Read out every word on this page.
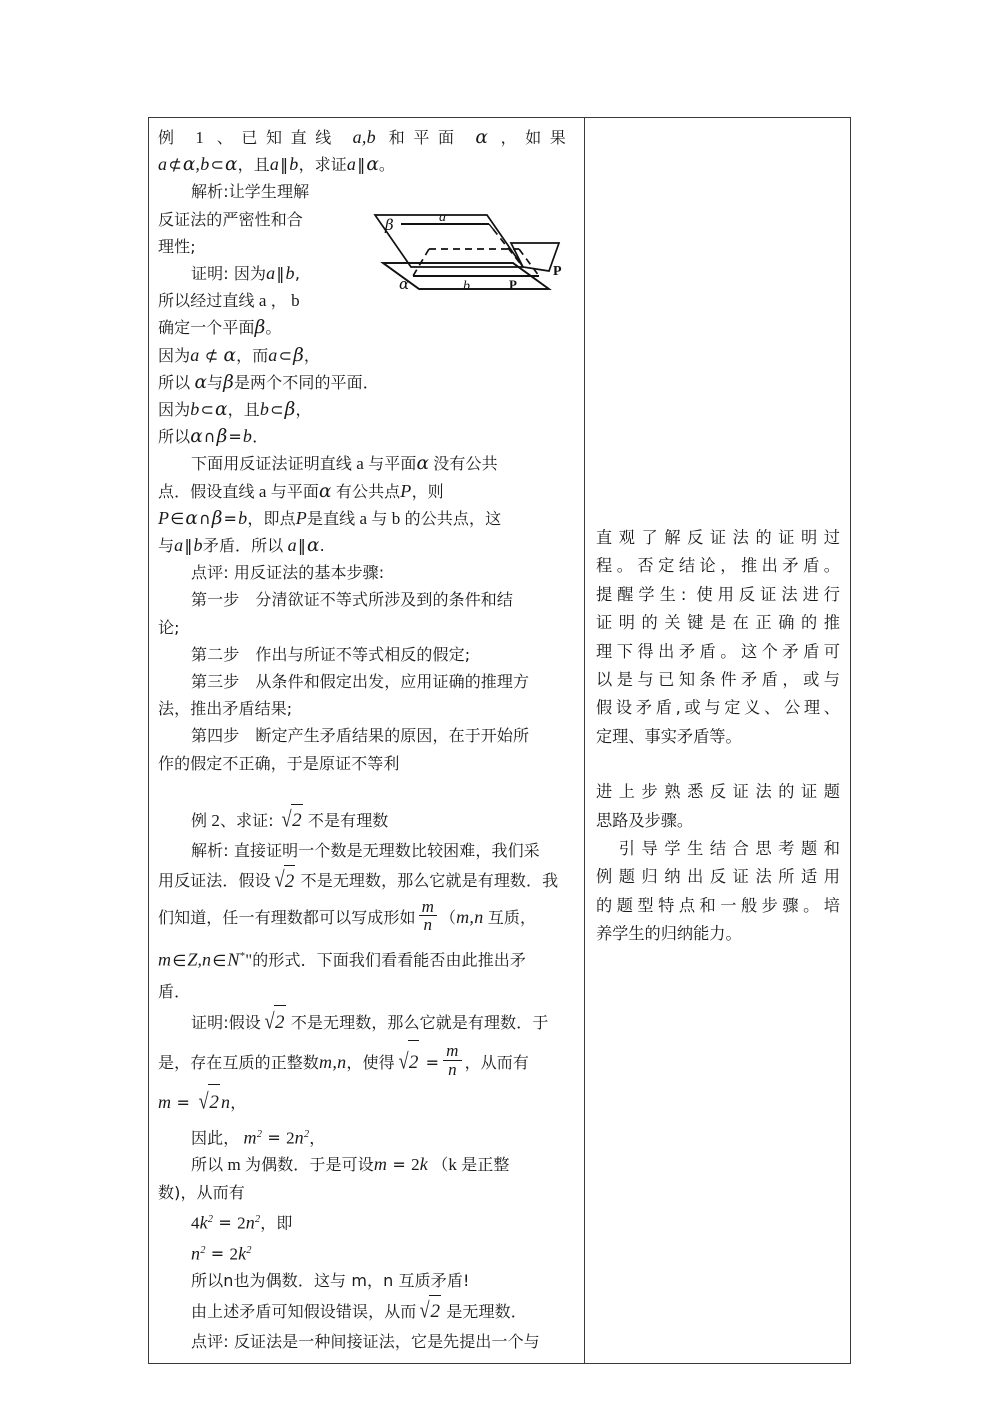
β
α
a
b	P
P
例 1 、已知直线 a,b 和平面 α ，如果
a⊄α,b⊂α，且a‖b，求证a‖α。
解析:让学生理解
反证法的严密性和合
理性;
证明: 因为a‖b,
所以经过直线 a ， b
确定一个平面β。
因为a ⊄ α，而a⊂β，
所以 α与β是两个不同的平面．
因为b⊂α，且b⊂β，
所以α∩β=b．
下面用反证法证明直线 a 与平面α 没有公共
点．假设直线 a 与平面α 有公共点P，则
P∈α∩β=b，即点P是直线 a 与 b 的公共点，这
与a‖b矛盾．所以 a‖α.
点评: 用反证法的基本步骤:
第一步　分清欲证不等式所涉及到的条件和结
论;
第二步　作出与所证不等式相反的假定;
第三步　从条件和假定出发，应用证确的推理方
法，推出矛盾结果;
第四步　断定产生矛盾结果的原因，在于开始所
作的假定不正确，于是原证不等利
例 2、求证: √2 不是有理数
解析: 直接证明一个数是无理数比较困难，我们采
用反证法．假设 √2 不是无理数，那么它就是有理数．我
们知道，任一有理数都可以写成形如 $\frac{m}{n} (m,n$ 互质，
m∈Z,n∈N*"的形式．下面我们看看能否由此推出矛
盾．
证明:假设 √2 不是无理数，那么它就是有理数．于
是，存在互质的正整数m,n，使得 $√2 = \frac{m}{n}$ ，从而有
m = √2 n，
因此， $m^2 = 2n^2$，
所以 m 为偶数．于是可设m = 2k （k 是正整
数)，从而有
$4k^2 = 2n^2$，即
$n^2 = 2k^2$
所以n也为偶数．这与 m，n 互质矛盾!
由上述矛盾可知假设错误，从而 √2 是无理数．
点评: 反证法是一种间接证法，它是先提出一个与

直观了解反证法的证明过
程。否定结论，推出矛盾。
提醒学生: 使用反证法进行
证明的关键是在正确的推
理下得出矛盾。这个矛盾可
以是与已知条件矛盾，或与
假设矛盾,或与定义、公理、
定理、事实矛盾等。
进上步熟悉反证法的证题
思路及步骤。
　引导学生结合思考题和
例题归纳出反证法所适用
的题型特点和一般步骤。培
养学生的归纳能力。
